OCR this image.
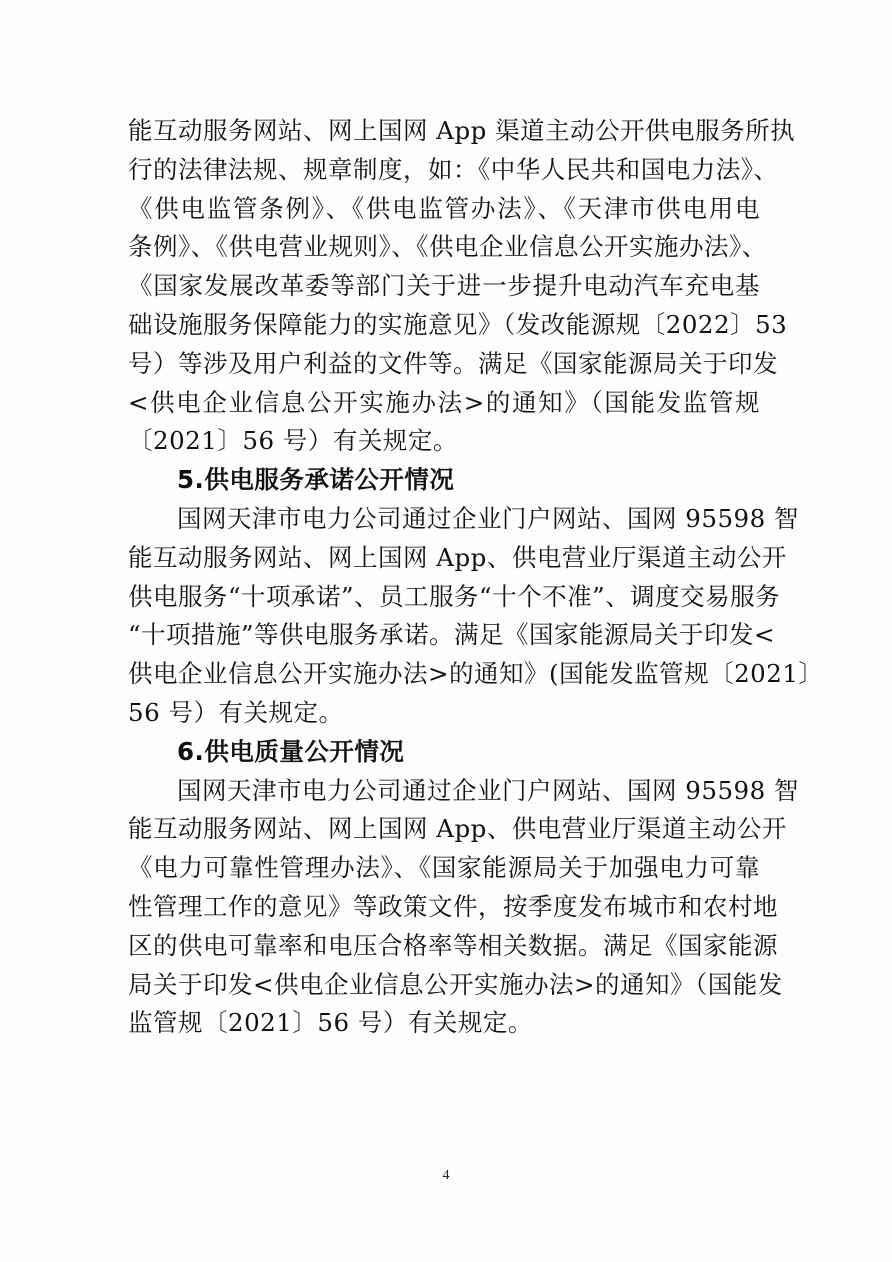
能互动服务网站、网上国网 App 渠道主动公开供电服务所执
行的法律法规、规章制度，如：《中华人民共和国电力法》、
《供电监管条例》、《供电监管办法》、《天津市供电用电
条例》、《供电营业规则》、《供电企业信息公开实施办法》、
《国家发展改革委等部门关于进一步提升电动汽车充电基
础设施服务保障能力的实施意见》（发改能源规〔2022〕53
号）等涉及用户利益的文件等。满足《国家能源局关于印发
<供电企业信息公开实施办法>的通知》（国能发监管规
〔2021〕56 号）有关规定。
5.供电服务承诺公开情况
国网天津市电力公司通过企业门户网站、国网 95598 智
能互动服务网站、网上国网 App、供电营业厅渠道主动公开
供电服务“十项承诺”、员工服务“十个不准”、调度交易服务
“十项措施”等供电服务承诺。满足《国家能源局关于印发<
供电企业信息公开实施办法>的通知》(国能发监管规〔2021〕
56 号）有关规定。
6.供电质量公开情况
国网天津市电力公司通过企业门户网站、国网 95598 智
能互动服务网站、网上国网 App、供电营业厅渠道主动公开
《电力可靠性管理办法》、《国家能源局关于加强电力可靠
性管理工作的意见》等政策文件，按季度发布城市和农村地
区的供电可靠率和电压合格率等相关数据。满足《国家能源
局关于印发<供电企业信息公开实施办法>的通知》（国能发
监管规〔2021〕56 号）有关规定。
4
